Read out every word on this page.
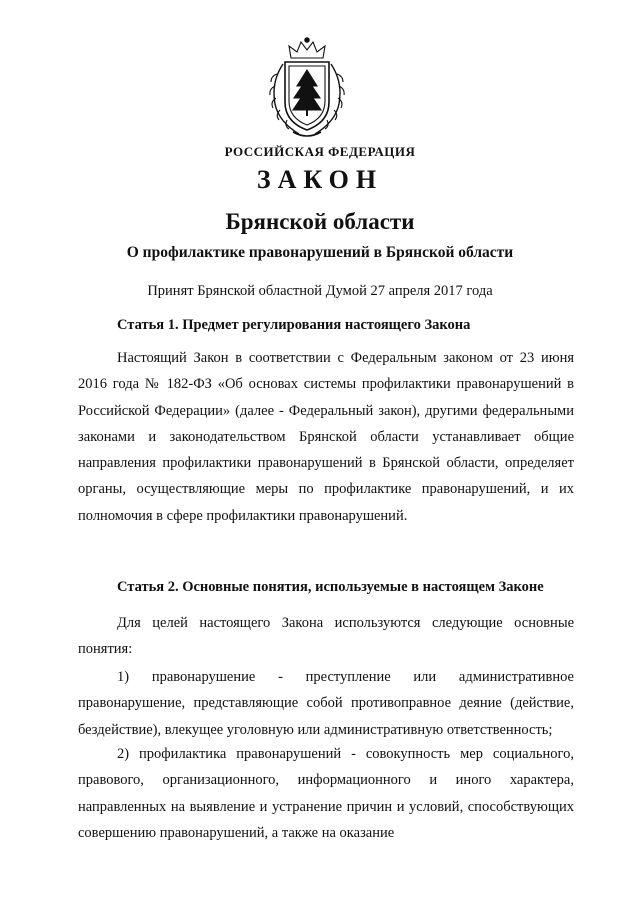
РОССИЙСКАЯ ФЕДЕРАЦИЯ
ЗАКОН
Брянской области
О профилактике правонарушений в Брянской области
Принят Брянской областной Думой 27 апреля 2017 года
Статья 1. Предмет регулирования настоящего Закона
Настоящий Закон в соответствии с Федеральным законом от 23 июня 2016 года № 182-ФЗ «Об основах системы профилактики правонарушений в Российской Федерации» (далее - Федеральный закон), другими федеральными законами и законодательством Брянской области устанавливает общие направления профилактики правонарушений в Брянской области, определяет органы, осуществляющие меры по профилактике правонарушений, и их полномочия в сфере профилактики правонарушений.
Статья 2. Основные понятия, используемые в настоящем Законе
Для целей настоящего Закона используются следующие основные понятия:
1) правонарушение - преступление или административное правонарушение, представляющие собой противоправное деяние (действие, бездействие), влекущее уголовную или административную ответственность;
2) профилактика правонарушений - совокупность мер социального, правового, организационного, информационного и иного характера, направленных на выявление и устранение причин и условий, способствующих совершению правонарушений, а также на оказание
